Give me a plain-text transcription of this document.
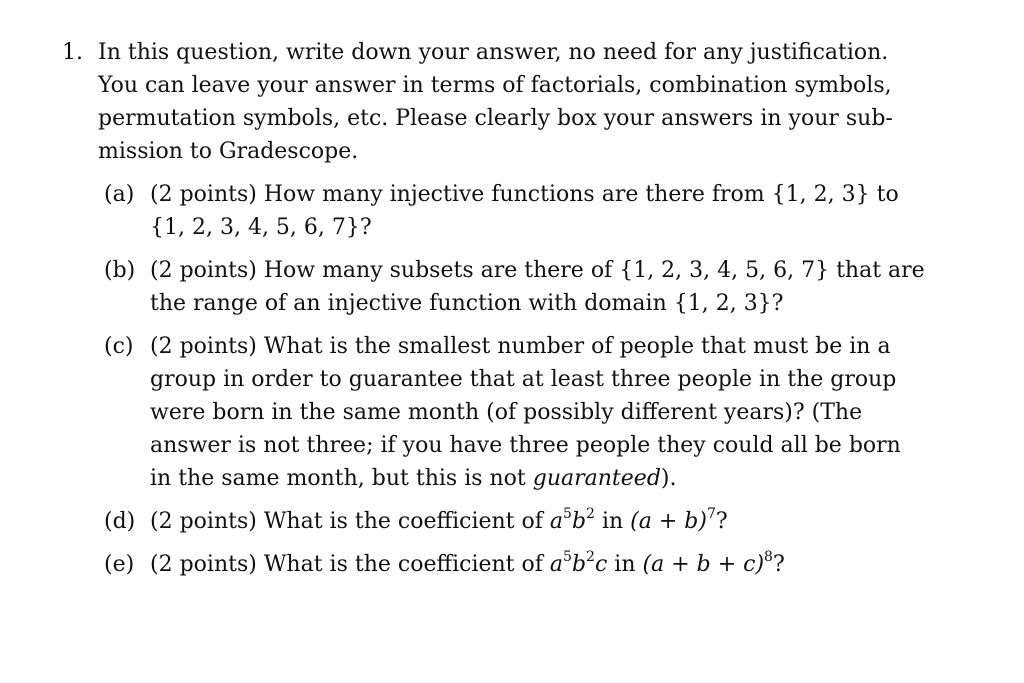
1. In this question, write down your answer, no need for any justification.
You can leave your answer in terms of factorials, combination symbols,
permutation symbols, etc. Please clearly box your answers in your sub-
mission to Gradescope.
(a) (2 points) How many injective functions are there from {1, 2, 3} to
{1, 2, 3, 4, 5, 6, 7}?
(b) (2 points) How many subsets are there of {1, 2, 3, 4, 5, 6, 7} that are
the range of an injective function with domain {1, 2, 3}?
(c) (2 points) What is the smallest number of people that must be in a
group in order to guarantee that at least three people in the group
were born in the same month (of possibly different years)? (The
answer is not three; if you have three people they could all be born
in the same month, but this is not guaranteed).
(d) (2 points) What is the coefficient of $a^5b^2$ in $(a + b)^7$?
(e) (2 points) What is the coefficient of $a^5b^2c$ in $(a + b + c)^8$?
